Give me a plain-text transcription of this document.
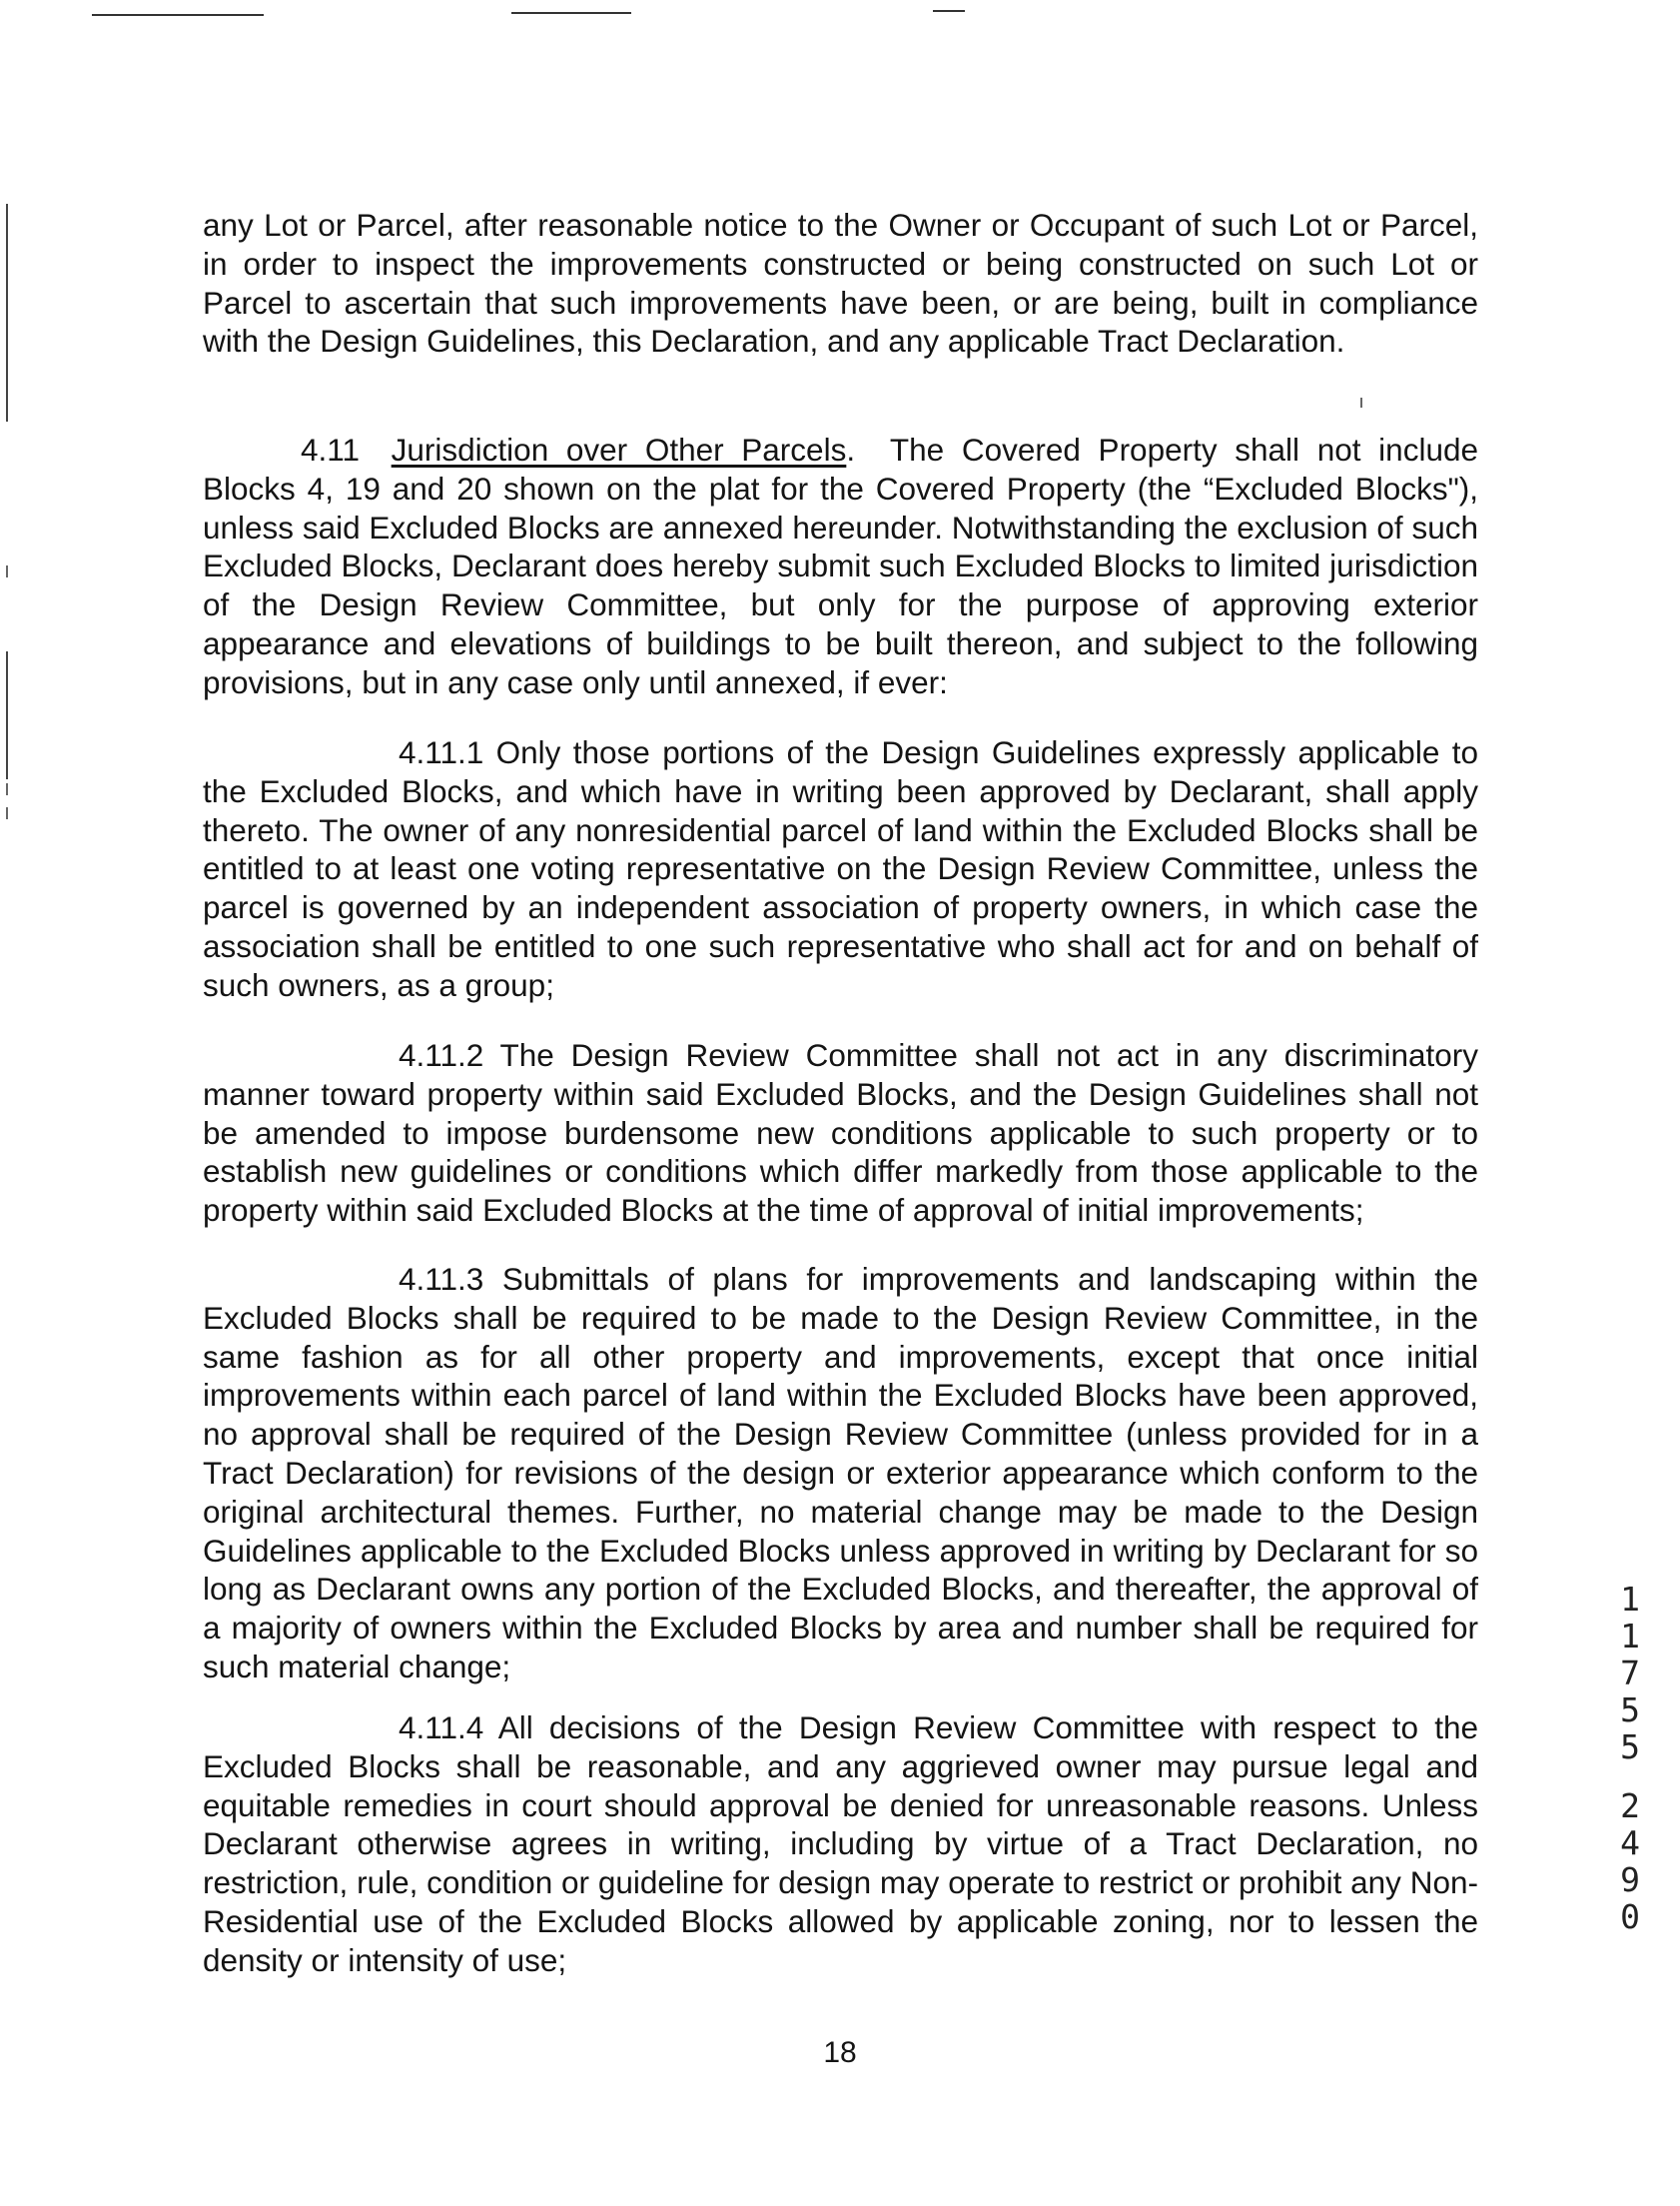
any Lot or Parcel, after reasonable notice to the Owner or Occupant of such Lot or Parcel, in order to inspect the improvements constructed or being constructed on such Lot or Parcel to ascertain that such improvements have been, or are being, built in compliance with the Design Guidelines, this Declaration, and any applicable Tract Declaration.

4.11 Jurisdiction over Other Parcels. The Covered Property shall not include Blocks 4, 19 and 20 shown on the plat for the Covered Property (the “Excluded Blocks"), unless said Excluded Blocks are annexed hereunder. Notwithstanding the exclusion of such Excluded Blocks, Declarant does hereby submit such Excluded Blocks to limited jurisdiction of the Design Review Committee, but only for the purpose of approving exterior appearance and elevations of buildings to be built thereon, and subject to the following provisions, but in any case only until annexed, if ever:

4.11.1 Only those portions of the Design Guidelines expressly applicable to the Excluded Blocks, and which have in writing been approved by Declarant, shall apply thereto. The owner of any nonresidential parcel of land within the Excluded Blocks shall be entitled to at least one voting representative on the Design Review Committee, unless the parcel is governed by an independent association of property owners, in which case the association shall be entitled to one such representative who shall act for and on behalf of such owners, as a group;

4.11.2 The Design Review Committee shall not act in any discriminatory manner toward property within said Excluded Blocks, and the Design Guidelines shall not be amended to impose burdensome new conditions applicable to such property or to establish new guidelines or conditions which differ markedly from those applicable to the property within said Excluded Blocks at the time of approval of initial improvements;

4.11.3 Submittals of plans for improvements and landscaping within the Excluded Blocks shall be required to be made to the Design Review Committee, in the same fashion as for all other property and improvements, except that once initial improvements within each parcel of land within the Excluded Blocks have been approved, no approval shall be required of the Design Review Committee (unless provided for in a Tract Declaration) for revisions of the design or exterior appearance which conform to the original architectural themes. Further, no material change may be made to the Design Guidelines applicable to the Excluded Blocks unless approved in writing by Declarant for so long as Declarant owns any portion of the Excluded Blocks, and thereafter, the approval of a majority of owners within the Excluded Blocks by area and number shall be required for such material change;

4.11.4 All decisions of the Design Review Committee with respect to the Excluded Blocks shall be reasonable, and any aggrieved owner may pursue legal and equitable remedies in court should approval be denied for unreasonable reasons. Unless Declarant otherwise agrees in writing, including by virtue of a Tract Declaration, no restriction, rule, condition or guideline for design may operate to restrict or prohibit any Non-Residential use of the Excluded Blocks allowed by applicable zoning, nor to lessen the density or intensity of use;

18

1
1
7
5
5
2
4
9
0
